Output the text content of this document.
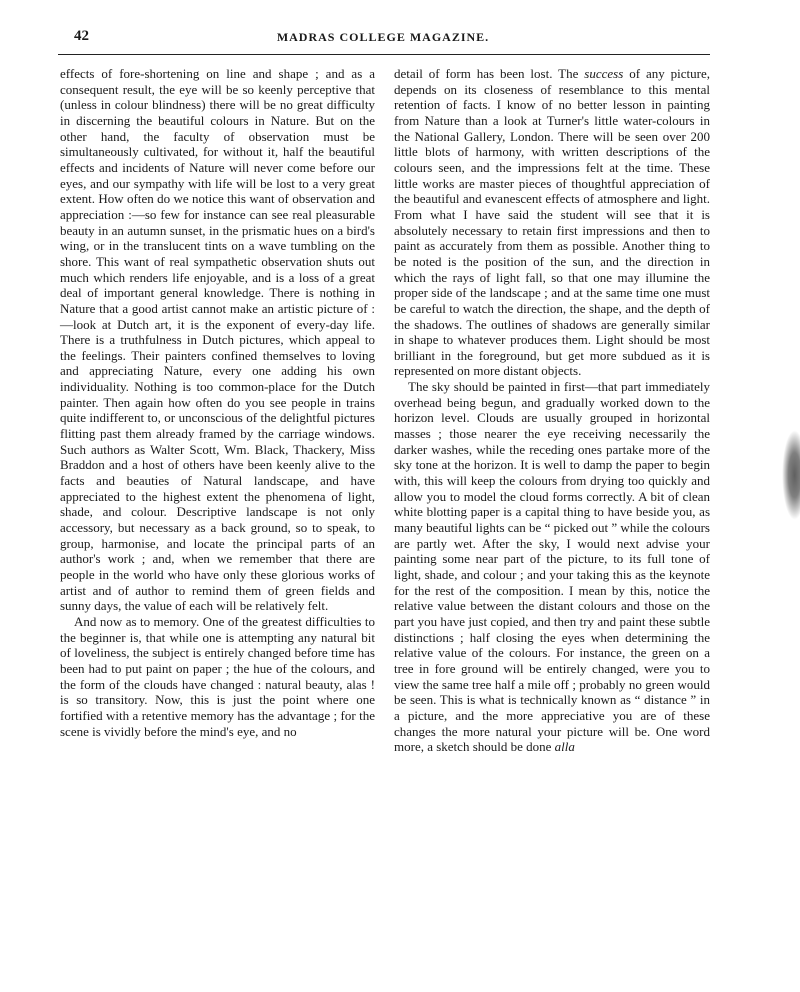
42	MADRAS COLLEGE MAGAZINE.

effects of fore-shortening on line and shape ; and as a consequent result, the eye will be so keenly perceptive that (unless in colour blindness) there will be no great difficulty in discerning the beautiful colours in Nature. But on the other hand, the faculty of observation must be simultaneously cultivated, for without it, half the beautiful effects and incidents of Nature will never come before our eyes, and our sympathy with life will be lost to a very great extent. How often do we notice this want of observation and appreciation :—so few for instance can see real pleasurable beauty in an autumn sunset, in the prismatic hues on a bird's wing, or in the translucent tints on a wave tumbling on the shore. This want of real sympathetic observation shuts out much which renders life enjoyable, and is a loss of a great deal of important general knowledge. There is nothing in Nature that a good artist cannot make an artistic picture of :—look at Dutch art, it is the exponent of every-day life. There is a truthfulness in Dutch pictures, which appeal to the feelings. Their painters confined themselves to loving and appreciating Nature, every one adding his own individuality. Nothing is too common-place for the Dutch painter. Then again how often do you see people in trains quite indifferent to, or unconscious of the delightful pictures flitting past them already framed by the carriage windows. Such authors as Walter Scott, Wm. Black, Thackery, Miss Braddon and a host of others have been keenly alive to the facts and beauties of Natural landscape, and have appreciated to the highest extent the phenomena of light, shade, and colour. Descriptive landscape is not only accessory, but necessary as a back ground, so to speak, to group, harmonise, and locate the principal parts of an author's work ; and, when we remember that there are people in the world who have only these glorious works of artist and of author to remind them of green fields and sunny days, the value of each will be relatively felt.

And now as to memory. One of the greatest difficulties to the beginner is, that while one is attempting any natural bit of loveliness, the subject is entirely changed before time has been had to put paint on paper ; the hue of the colours, and the form of the clouds have changed : natural beauty, alas ! is so transitory. Now, this is just the point where one fortified with a retentive memory has the advantage ; for the scene is vividly before the mind's eye, and no

detail of form has been lost. The success of any picture, depends on its closeness of resemblance to this mental retention of facts. I know of no better lesson in painting from Nature than a look at Turner's little water-colours in the National Gallery, London. There will be seen over 200 little blots of harmony, with written descriptions of the colours seen, and the impressions felt at the time. These little works are master pieces of thoughtful appreciation of the beautiful and evanescent effects of atmosphere and light. From what I have said the student will see that it is absolutely necessary to retain first impressions and then to paint as accurately from them as possible. Another thing to be noted is the position of the sun, and the direction in which the rays of light fall, so that one may illumine the proper side of the landscape ; and at the same time one must be careful to watch the direction, the shape, and the depth of the shadows. The outlines of shadows are generally similar in shape to whatever produces them. Light should be most brilliant in the foreground, but get more subdued as it is represented on more distant objects.

The sky should be painted in first—that part immediately overhead being begun, and gradually worked down to the horizon level. Clouds are usually grouped in horizontal masses ; those nearer the eye receiving necessarily the darker washes, while the receding ones partake more of the sky tone at the horizon. It is well to damp the paper to begin with, this will keep the colours from drying too quickly and allow you to model the cloud forms correctly. A bit of clean white blotting paper is a capital thing to have beside you, as many beautiful lights can be “ picked out ” while the colours are partly wet. After the sky, I would next advise your painting some near part of the picture, to its full tone of light, shade, and colour ; and your taking this as the keynote for the rest of the composition. I mean by this, notice the relative value between the distant colours and those on the part you have just copied, and then try and paint these subtle distinctions ; half closing the eyes when determining the relative value of the colours. For instance, the green on a tree in fore ground will be entirely changed, were you to view the same tree half a mile off ; probably no green would be seen. This is what is technically known as “ distance ” in a picture, and the more appreciative you are of these changes the more natural your picture will be. One word more, a sketch should be done alla
